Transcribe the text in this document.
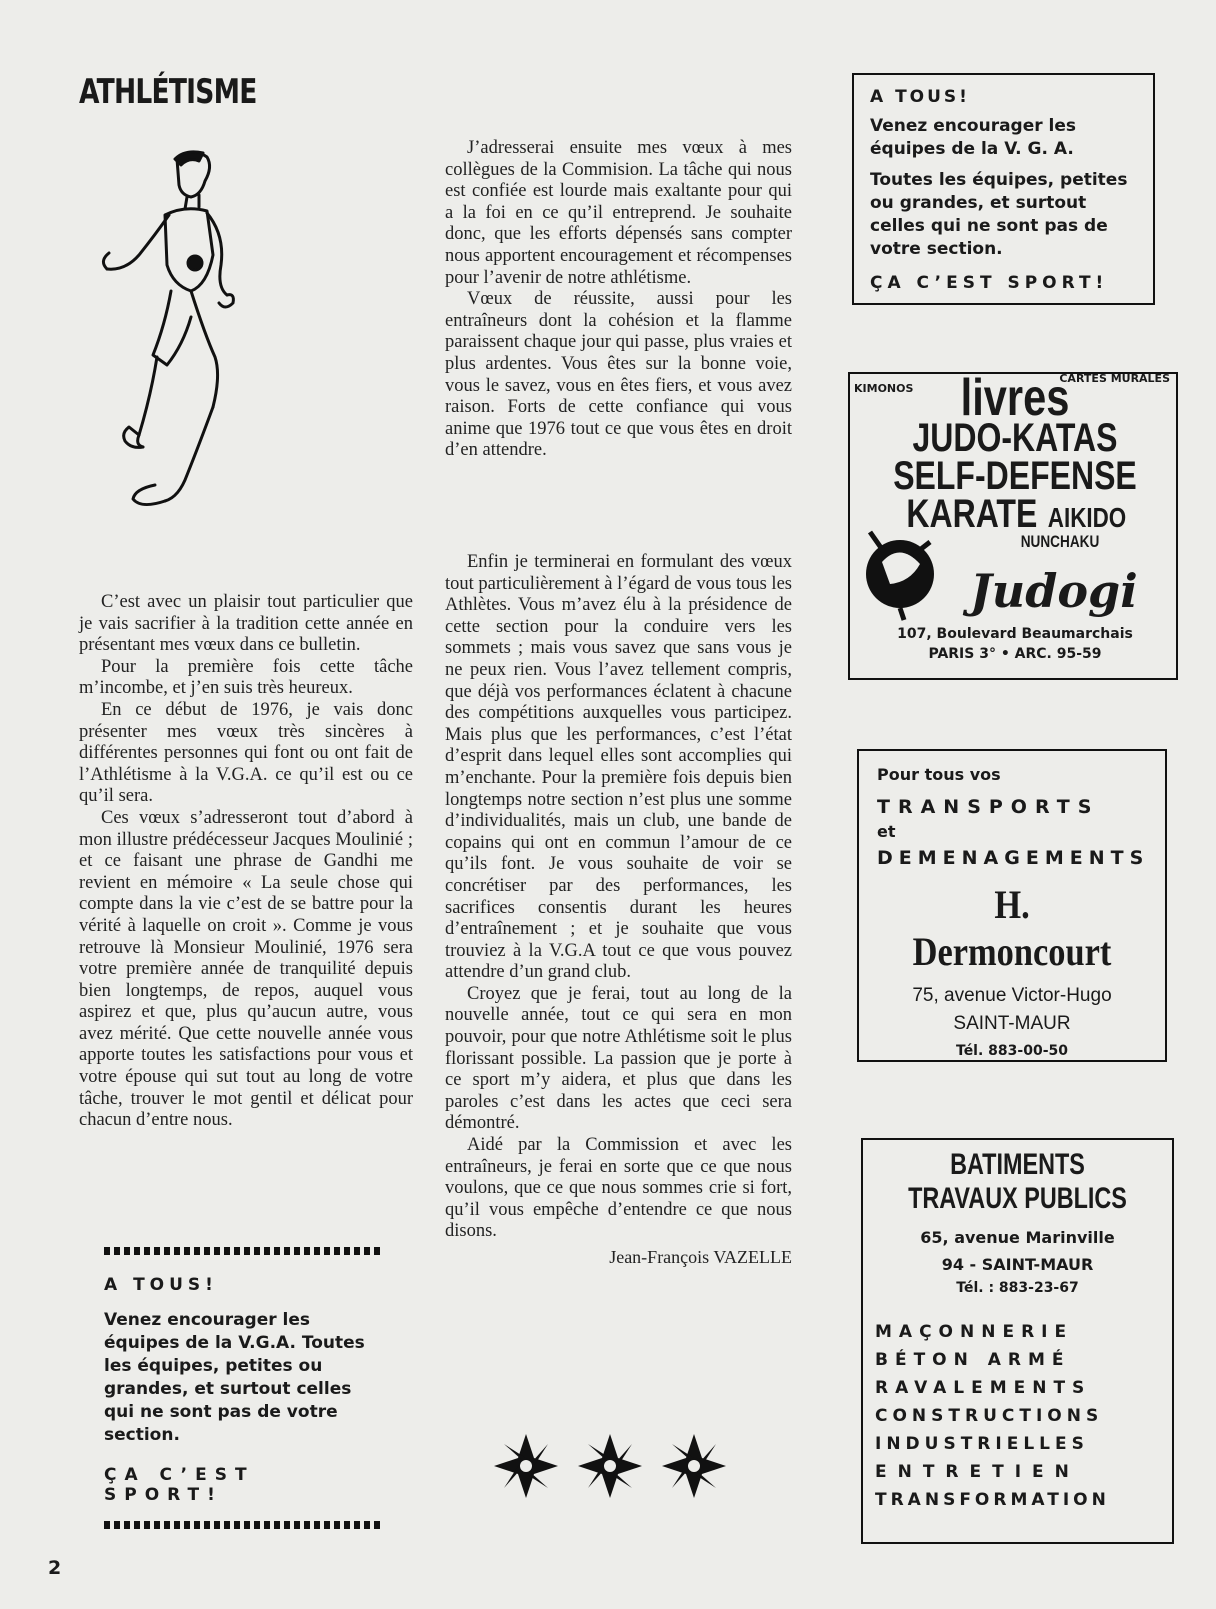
ATHLÉTISME

C’est avec un plaisir tout particulier que je vais sacrifier à la tradition cette année en présentant mes vœux dans ce bulletin.

Pour la première fois cette tâche m’incombe, et j’en suis très heureux.

En ce début de 1976, je vais donc présenter mes vœux très sincères à différentes personnes qui font ou ont fait de l’Athlétisme à la V.G.A. ce qu’il est ou ce qu’il sera.

Ces vœux s’adresseront tout d’abord à mon illustre prédécesseur Jacques Moulinié ; et ce faisant une phrase de Gandhi me revient en mémoire « La seule chose qui compte dans la vie c’est de se battre pour la vérité à laquelle on croit ». Comme je vous retrouve là Monsieur Moulinié, 1976 sera votre première année de tranquilité depuis bien longtemps, de repos, auquel vous aspirez et que, plus qu’aucun autre, vous avez mérité. Que cette nouvelle année vous apporte toutes les satisfactions pour vous et votre épouse qui sut tout au long de votre tâche, trouver le mot gentil et délicat pour chacun d’entre nous.

J’adresserai ensuite mes vœux à mes collègues de la Commision. La tâche qui nous est confiée est lourde mais exaltante pour qui a la foi en ce qu’il entreprend. Je souhaite donc, que les efforts dépensés sans compter nous apportent encouragement et récompenses pour l’avenir de notre athlétisme.

Vœux de réussite, aussi pour les entraîneurs dont la cohésion et la flamme paraissent chaque jour qui passe, plus vraies et plus ardentes. Vous êtes sur la bonne voie, vous le savez, vous en êtes fiers, et vous avez raison. Forts de cette confiance qui vous anime que 1976 tout ce que vous êtes en droit d’en attendre.

Enfin je terminerai en formulant des vœux tout particulièrement à l’égard de vous tous les Athlètes. Vous m’avez élu à la présidence de cette section pour la conduire vers les sommets ; mais vous savez que sans vous je ne peux rien. Vous l’avez tellement compris, que déjà vos performances éclatent à chacune des compétitions auxquelles vous participez. Mais plus que les performances, c’est l’état d’esprit dans lequel elles sont accomplies qui m’enchante. Pour la première fois depuis bien longtemps notre section n’est plus une somme d’individualités, mais un club, une bande de copains qui ont en commun l’amour de ce qu’ils font. Je vous souhaite de voir se concrétiser par des performances, les sacrifices consentis durant les heures d’entraînement ; et je souhaite que vous trouviez à la V.G.A tout ce que vous pouvez attendre d’un grand club.

Croyez que je ferai, tout au long de la nouvelle année, tout ce qui sera en mon pouvoir, pour que notre Athlétisme soit le plus florissant possible. La passion que je porte à ce sport m’y aidera, et plus que dans les paroles c’est dans les actes que ceci sera démontré.

Aidé par la Commission et avec les entraîneurs, je ferai en sorte que ce que nous voulons, que ce que nous sommes crie si fort, qu’il vous empêche d’entendre ce que nous disons.

Jean-François VAZELLE
A TOUS!
Venez encourager les équipes de la V. G. A.
Toutes les équipes, petites ou grandes, et surtout celles qui ne sont pas de votre section.
ÇA C’EST SPORT!
KIMONOS
CARTES MURALES
livres
JUDO-KATAS
SELF-DEFENSE
KARATE AIKIDO
NUNCHAKU
Judogi
107, Boulevard Beaumarchais
PARIS 3° • ARC. 95-59
Pour tous vos
TRANSPORTS
et
DEMENAGEMENTS
H. Dermoncourt
75, avenue Victor-Hugo
SAINT-MAUR
Tél. 883-00-50
BATIMENTS
TRAVAUX PUBLICS
65, avenue Marinville
94 - SAINT-MAUR
Tél. : 883-23-67
MAÇONNERIE
BÉTON ARMÉ
RAVALEMENTS
CONSTRUCTIONS
INDUSTRIELLES
ENTRETIEN
TRANSFORMATION
A TOUS!
Venez encourager les équipes de la V.G.A. Toutes les équipes, petites ou grandes, et surtout celles qui ne sont pas de votre section.
ÇA C’EST SPORT!
2
